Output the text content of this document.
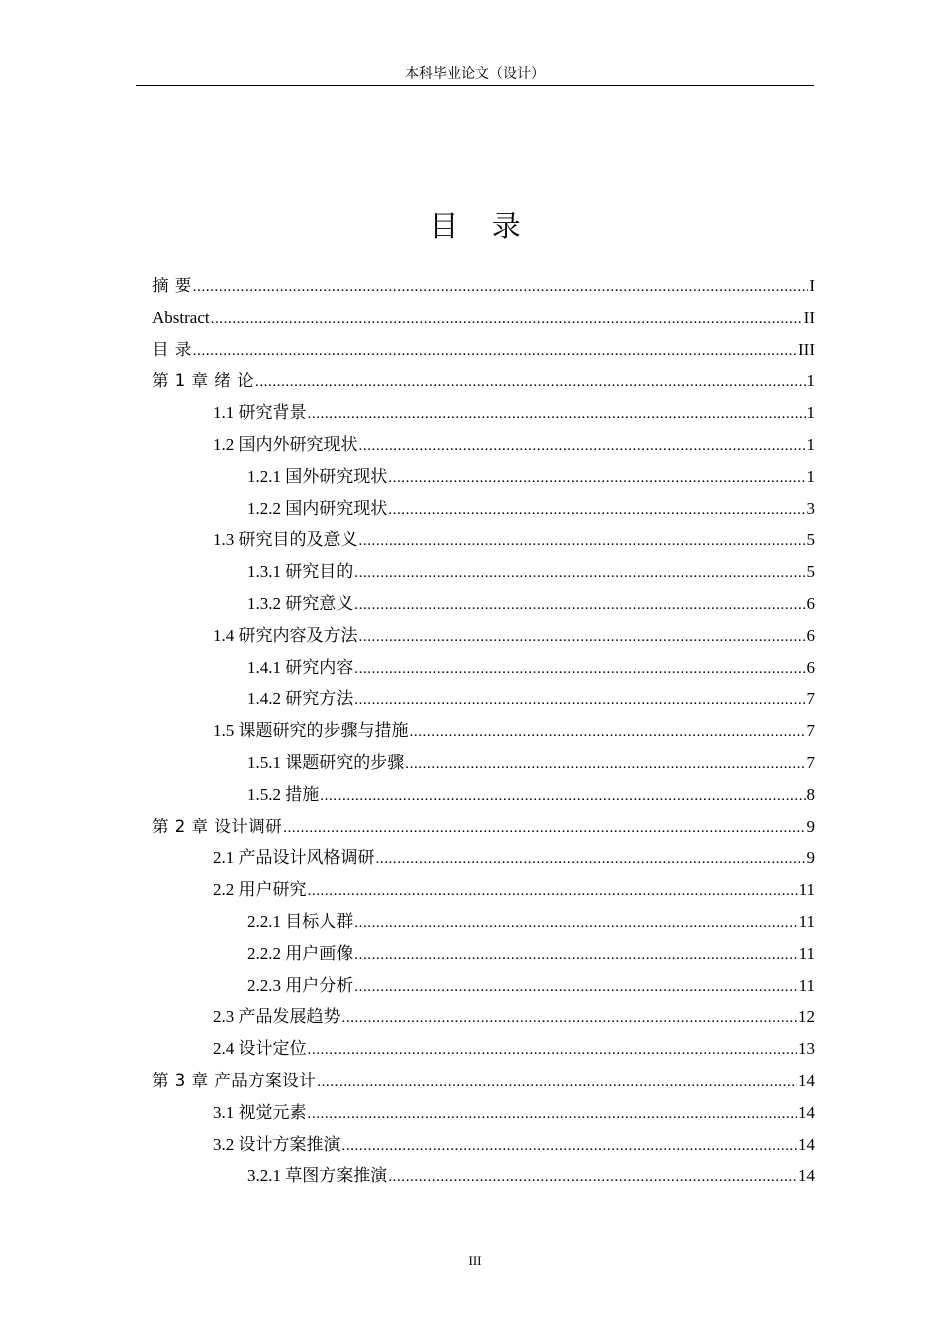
本科毕业论文（设计）
目 录
摘 要 .....	I
Abstract .....	II
目 录 .....	III
第 1 章 绪 论 .....	1
1.1 研究背景 .....	1
1.2 国内外研究现状 .....	1
1.2.1 国外研究现状 .....	1
1.2.2 国内研究现状 .....	3
1.3 研究目的及意义 .....	5
1.3.1 研究目的 .....	5
1.3.2 研究意义 .....	6
1.4 研究内容及方法 .....	6
1.4.1 研究内容 .....	6
1.4.2 研究方法 .....	7
1.5 课题研究的步骤与措施 .....	7
1.5.1 课题研究的步骤 .....	7
1.5.2 措施 .....	8
第 2 章 设计调研 .....	9
2.1 产品设计风格调研 .....	9
2.2 用户研究 .....	11
2.2.1 目标人群 .....	11
2.2.2 用户画像 .....	11
2.2.3 用户分析 .....	11
2.3 产品发展趋势 .....	12
2.4 设计定位 .....	13
第 3 章 产品方案设计 .....	14
3.1 视觉元素 .....	14
3.2 设计方案推演 .....	14
3.2.1 草图方案推演 .....	14
III
